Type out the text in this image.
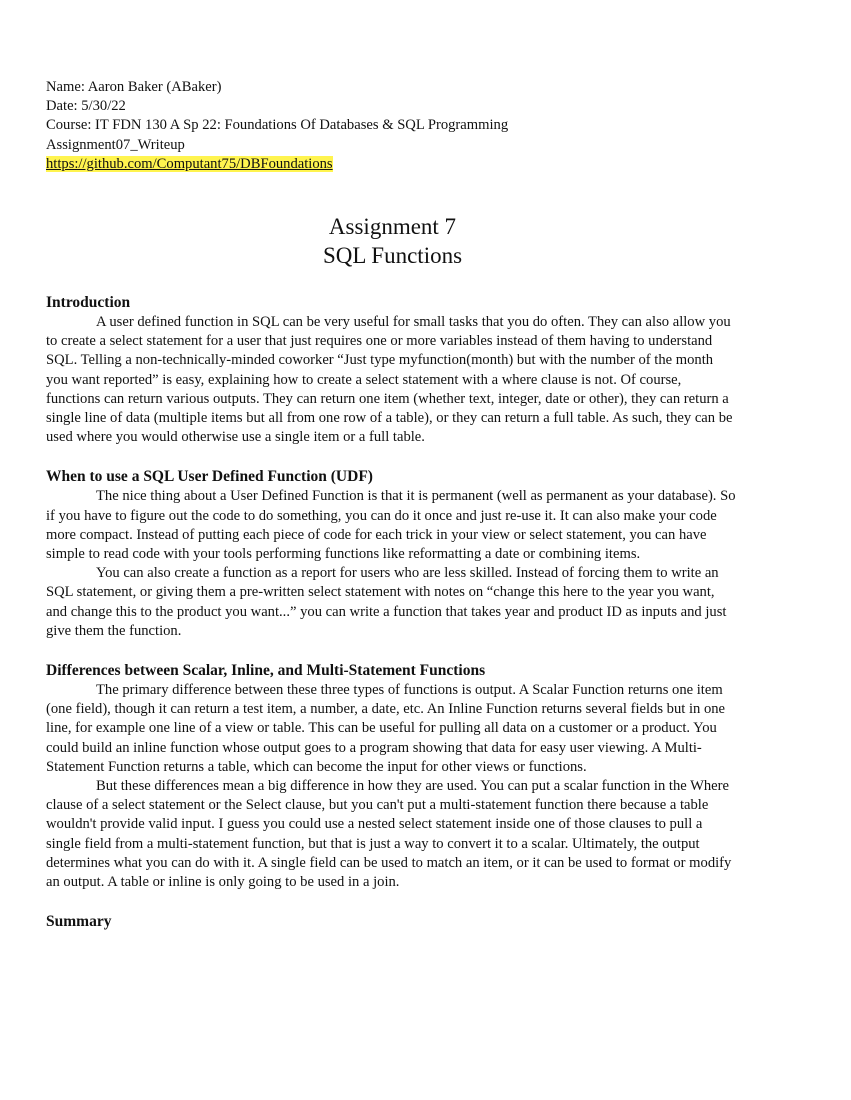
Name: Aaron Baker (ABaker)
Date: 5/30/22
Course: IT FDN 130 A Sp 22: Foundations Of Databases & SQL Programming
Assignment07_Writeup
https://github.com/Computant75/DBFoundations
Assignment 7
SQL Functions
Introduction

A user defined function in SQL can be very useful for small tasks that you do often. They can also allow you to create a select statement for a user that just requires one or more variables instead of them having to understand SQL. Telling a non-technically-minded coworker “Just type myfunction(month) but with the number of the month you want reported” is easy, explaining how to create a select statement with a where clause is not. Of course, functions can return various outputs. They can return one item (whether text, integer, date or other), they can return a single line of data (multiple items but all from one row of a table), or they can return a full table. As such, they can be used where you would otherwise use a single item or a full table.

When to use a SQL User Defined Function (UDF)

The nice thing about a User Defined Function is that it is permanent (well as permanent as your database). So if you have to figure out the code to do something, you can do it once and just re-use it. It can also make your code more compact. Instead of putting each piece of code for each trick in your view or select statement, you can have simple to read code with your tools performing functions like reformatting a date or combining items.

You can also create a function as a report for users who are less skilled. Instead of forcing them to write an SQL statement, or giving them a pre-written select statement with notes on “change this here to the year you want, and change this to the product you want...” you can write a function that takes year and product ID as inputs and just give them the function.

Differences between Scalar, Inline, and Multi-Statement Functions

The primary difference between these three types of functions is output. A Scalar Function returns one item (one field), though it can return a test item, a number, a date, etc. An Inline Function returns several fields but in one line, for example one line of a view or table. This can be useful for pulling all data on a customer or a product. You could build an inline function whose output goes to a program showing that data for easy user viewing. A Multi-Statement Function returns a table, which can become the input for other views or functions.

But these differences mean a big difference in how they are used. You can put a scalar function in the Where clause of a select statement or the Select clause, but you can't put a multi-statement function there because a table wouldn't provide valid input. I guess you could use a nested select statement inside one of those clauses to pull a single field from a multi-statement function, but that is just a way to convert it to a scalar. Ultimately, the output determines what you can do with it. A single field can be used to match an item, or it can be used to format or modify an output. A table or inline is only going to be used in a join.

Summary
